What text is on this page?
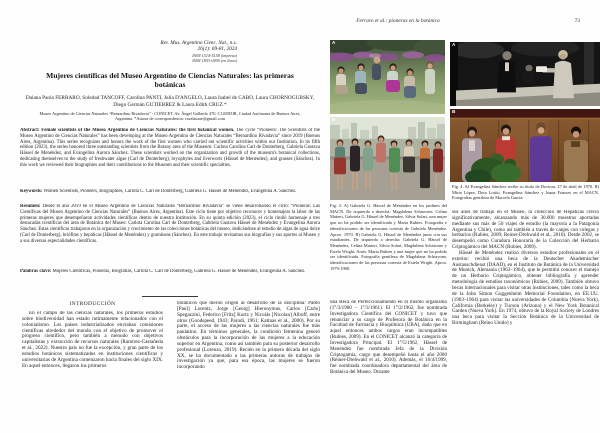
Ferraro et al.: pioneras en la botánica	73
Rev. Mus. Argentino Cienc. Nat., n.s.
26(1): 69-81, 2024
ISSN 1514-5158 (impresa)
ISSN 1853-0400 (en línea)
Mujeres científicas del Museo Argentino de Ciencias Naturales: las primeras botánicas
Daiana Paola FERRARO, Soledad TANCOFF, Carolina PANTI, Julia D'ANGELO, Laura Isabel de CABO, Laura CHORNOGUBSKY, Diego Germán GUTIERREZ & Laura Edith CRUZ *
Museo Argentino de Ciencias Naturales “Bernardino Rivadavia” - CONICET. Av. Ángel Gallardo 470, C1405DJR, Ciudad Autónoma de Buenos Aires, Argentina. *Autora de correspondencia: cruzlaurae@gmail.com

Abstract: Female scientists of the Museo Argentino de Ciencias Naturales: the first botanical women. The cycle “Pioneers: The Scientists of the Museo Argentino de Ciencias Naturales” has been developing at the Museo Argentino de Ciencias Naturales “Bernardino Rivadavia” since 2019 (Buenos Aires, Argentina). This series recognizes and honors the work of the first women who carried out scientific activities within our Institution. In its fifth edition (2023), the series honored three outstanding scientists from the Botany area of the Museum: Carlota Carolina Carl de Donterberg, Gabriela Gustava Hässel de Menéndez, and Evangelina Aurora Sánchez. These scientists worked on the organization and growth of the museum's botanical collections, dedicating themselves to the study of freshwater algae (Carl de Donterberg), bryophytes and liverworts (Hässel de Menéndez), and grasses (Sánchez). In this work we reviewed their biographies and their contributions to the Museum and their scientific specialties.

Keywords: Women Scientists, Pioneers, Biographies, Carlota C. Carl de Donterberg, Gabriela G. Hässel de Menéndez, Evangelina A. Sánchez.

Resumen: Desde el año 2019 en el Museo Argentino de Ciencias Naturales “Bernardino Rivadavia” se viene desarrollando el ciclo: “Pioneras: Las Científicas del Museo Argentino de Ciencias Naturales” (Buenos Aires, Argentina). Este ciclo tiene por objetivo reconocer y homenajear la labor de las primeras mujeres que desempeñaron actividades científicas dentro de nuestra Institución. En su quinta edición (2023), el ciclo rindió homenaje a tres destacadas científicas del área de Botánica del Museo: Carlota Carolina Carl de Donterberg, Gabriela Gustava Hässel de Menéndez y Evangelina Aurora Sánchez. Estas científicas trabajaron en la organización y crecimiento de las colecciones botánicas del museo, dedicándose al estudio de algas de agua dulce (Carl de Donterberg), briófitas y hepáticas (Hässel de Menéndez) y gramíneas (Sánchez). En este trabajo revisamos sus biografías y sus aportes al Museo y a sus diversas especialidades científicas.

Palabras clave: Mujeres Científicas, Pioneras, Biografías, Carlota C. Carl de Donterberg, Gabriela G. Hässel de Menéndez, Evangelina A. Sánchez.

INTRODUCCIÓN

En el campo de las ciencias naturales, los primeros estudios sobre biodiversidad han estado íntimamente relacionados con el colonialismo. Los países industrializados enviaban comisiones científicas alrededor del mundo con el objetivo de promover el progreso científico, pero también a menudo con objetivos capitalistas y extracción de recursos naturales (Ramírez-Castañeda et al., 2022). Nuestro país no fue la excepción, y gran parte de los estudios botánicos sistematizados en instituciones científicas y universitarias de Argentina comenzaron hacia finales del siglo XIX. En aquel entonces, llegaron los primeros

botánicos que dieron origen al desarrollo de la disciplina: Pablo [Paul] Lorentz, Jorge [Georg] Hieronymus, Carlos [Carlo] Spegazzini, Federico [Fritz] Kurtz y Nicolás [Nicolau] Alboff, entre otros (Goodspeed, 1943; Parodi, 1961; Katinas et al., 2000). Por su parte, el acceso de las mujeres a las ciencias naturales fue más paulatino. En términos generales, la condición femenina generó obstáculos para la incorporación de las mujeres a la educación superior en Argentina, como así también para su posterior desarrollo profesional (Lorenzo, 2019). Recién en la primera década del siglo XX, se ha documentado a las primeras autoras de trabajos de investigación ya que, para esa época, las mujeres se fueron incorporando

A
B

Fig. 3. A) Gabriela G. Hässel de Menéndez en los jardines del MACN. De izquierda a derecha: Magdalena Schiavone, Celina Matteri, Gabriela G. Hässel de Menéndez, Silvia Solari, una mujer que no ha podido ser identificada y Marta Rubies. Fotografía e identificaciones de las personas cortesía de Gabriela Menéndez. Aprox. 1970. B) Gabriela G. Hässel de Menéndez junto con sus estudiantes. De izquierda a derecha: Gabriela G. Hässel de Menéndez, Celina Matteri, Silvia Solari, Magdalena Schiavone y Estela Wright. Atrás: Marta Rubies y una mujer que no ha podido ser identificada. Fotografía gentileza de Magdalena Schiavone, identificaciones de las personas cortesía de Estela Wright. Aprox. 1979-1980.

una Beca de Perfeccionamiento en el mismo organismo (1°/3/1960 – 1°/3/1961). El 1°/2/1962, fue nombrada Investigadora Científica del CONICET y tuvo que renunciar a su cargo de Profesora de Botánica en la Facultad de Farmacia y Bioquímica (UBA), dado que en aquel entonces ambos cargos eran incompatibles (Rubies, 2009). En el CONICET alcanzó la categoría de Investigadora Principal. El 1°/5/1962, Hässel de Menéndez fue nombrada Jefa de la División Criptogamia, cargo que desempeñó hasta el año 2000 (Reiner-Drehwald et al., 2010). Además, el 16/4/1999, fue nombrada coordinadora departamental del área de Botánica del Museo. Durante

A
B

Fig. 4. A) Evangelina Sánchez recibe su título de Doctora, 27 de abril de 1970. B) Mirta López, Dora Lotito, Evangelina Sánchez y Juana Frances en el MACN. Fotografías gentileza de Marcela García.

sus años de trabajo en el Museo, la colección de Hepáticas creció significativamente, alcanzando más de 30.000 muestras aportadas mediante sus más de 50 viajes de estudio (la mayoría a la Patagonia Argentina y Chile), como así también a través de canjes con colegas y herbarios (Rubies, 2009; Reiner-Drehwald et al., 2010). Desde 2002, se desempeñó como Curadora Honoraria de la Colección del Herbario Criptogámico del MACN (Rubies, 2009).

Hässel de Menéndez realizó diversos estudios profesionales en el exterior: recibió una beca de la Deutscher Akademischer Austauschdienst (DAAD), en el Instituto de Botánica de la Universidad de Munich, Alemania (1963–1964), que le permitió conocer el manejo de un Herbario Criptogámico, obtener bibliografía y aprender metodología de estudios taxonómicos (Rubies, 2009). También obtuvo becas internacionales para visitar otras instituciones, tales como la beca de la John Simon Guggenheim Memorial Foundation, en EE.UU. (1963–1964) para visitar las universidades de Columbia (Nueva York), California (Berkeley) y Tucson (Arizona) y el New York Botanical Garden (Nueva York). En 1974, obtuvo de la Royal Society de Londres una beca para visitar la Sección Botánica de la Universidad de Birmingham (Reino Unido) y
